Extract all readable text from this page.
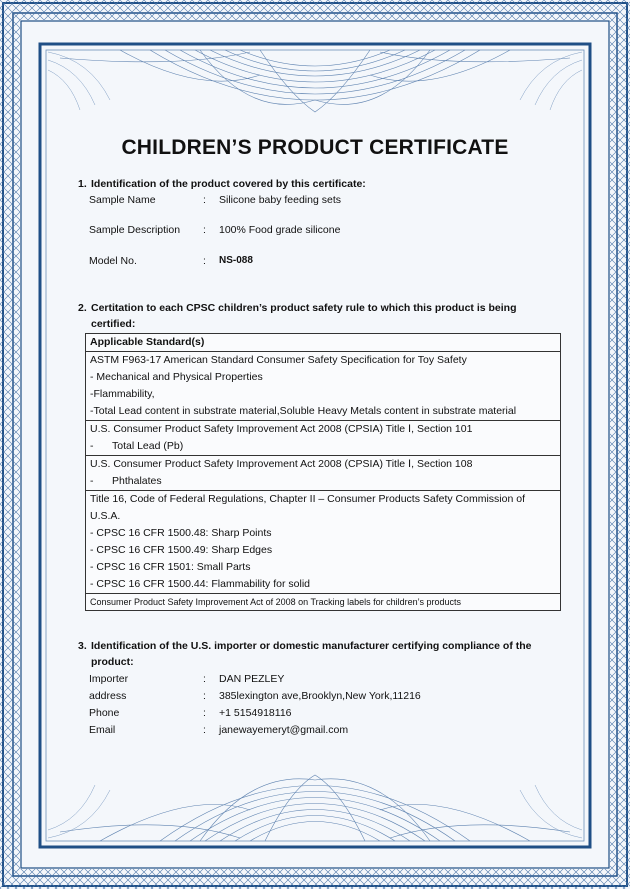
CHILDREN’S PRODUCT CERTIFICATE
1. Identification of the product covered by this certificate:
Sample Name	: Silicone baby feeding sets
Sample Description : 100% Food grade silicone
Model No.	: NS-088
2. Certitation to each CPSC children’s product safety rule to which this product is being
certified:
Applicable Standard(s)

ASTM F963-17 American Standard Consumer Safety Specification for Toy Safety
- Mechanical and Physical Properties
-Flammability,
-Total Lead content in substrate material,Soluble Heavy Metals content in substrate material

U.S. Consumer Product Safety Improvement Act 2008 (CPSIA) Title Ⅰ, Section 101
- Total Lead (Pb)

U.S. Consumer Product Safety Improvement Act 2008 (CPSIA) Title Ⅰ, Section 108
- Phthalates

Title 16, Code of Federal Regulations, Chapter II – Consumer Products Safety Commission of
U.S.A.
- CPSC 16 CFR 1500.48: Sharp Points
- CPSC 16 CFR 1500.49: Sharp Edges
- CPSC 16 CFR 1501: Small Parts
- CPSC 16 CFR 1500.44: Flammability for solid

Consumer Product Safety Improvement Act of 2008 on Tracking labels for children’s products
3. Identification of the U.S. importer or domestic manufacturer certifying compliance of the
product:
Importer	: DAN PEZLEY
address	: 385lexington ave,Brooklyn,New York,11216
Phone	: +1 5154918116
Email	: janewayemeryt@gmail.com
